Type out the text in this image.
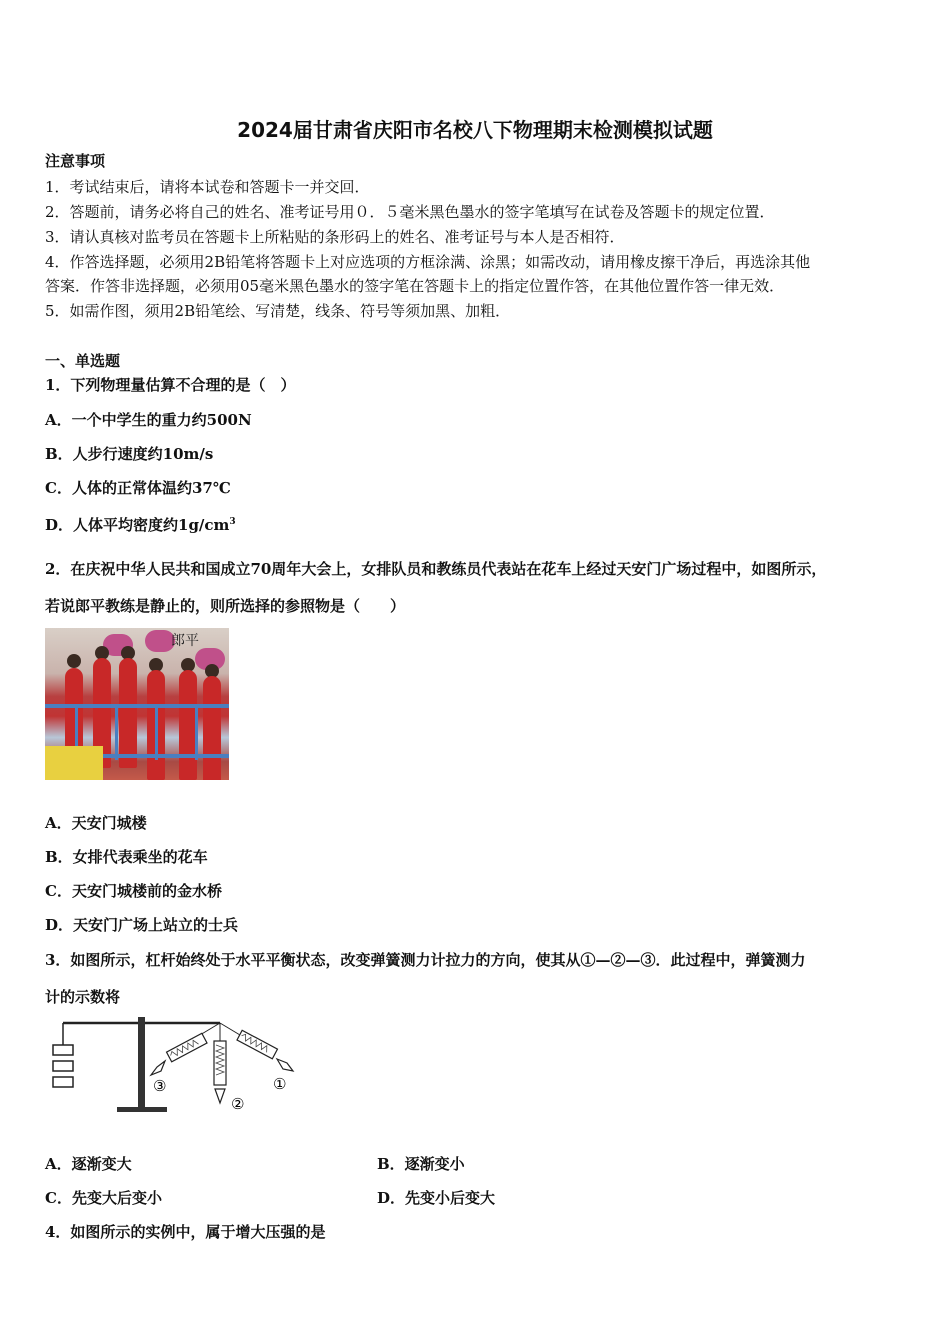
2024届甘肃省庆阳市名校八下物理期末检测模拟试题
注意事项
1．考试结束后，请将本试卷和答题卡一并交回．
2．答题前，请务必将自己的姓名、准考证号用０．５毫米黑色墨水的签字笔填写在试卷及答题卡的规定位置．
3．请认真核对监考员在答题卡上所粘贴的条形码上的姓名、准考证号与本人是否相符．
4．作答选择题，必须用2B铅笔将答题卡上对应选项的方框涂满、涂黑；如需改动，请用橡皮擦干净后，再选涂其他
答案．作答非选择题，必须用05毫米黑色墨水的签字笔在答题卡上的指定位置作答，在其他位置作答一律无效．
5．如需作图，须用2B铅笔绘、写清楚，线条、符号等须加黑、加粗．
一、单选题
1．下列物理量估算不合理的是（　）
A．一个中学生的重力约500N
B．人步行速度约10m/s
C．人体的正常体温约37℃
D．人体平均密度约$1g/cm^3$
2．在庆祝中华人民共和国成立70周年大会上，女排队员和教练员代表站在花车上经过天安门广场过程中，如图所示，
若说郎平教练是静止的，则所选择的参照物是（　　）
郎平
A．天安门城楼
B．女排代表乘坐的花车
C．天安门城楼前的金水桥
D．天安门广场上站立的士兵
3．如图所示，杠杆始终处于水平平衡状态，改变弹簧测力计拉力的方向，使其从①—②—③．此过程中，弹簧测力
计的示数将
③
②
①
A．逐渐变大	B．逐渐变小
C．先变大后变小	D．先变小后变大
4．如图所示的实例中，属于增大压强的是
